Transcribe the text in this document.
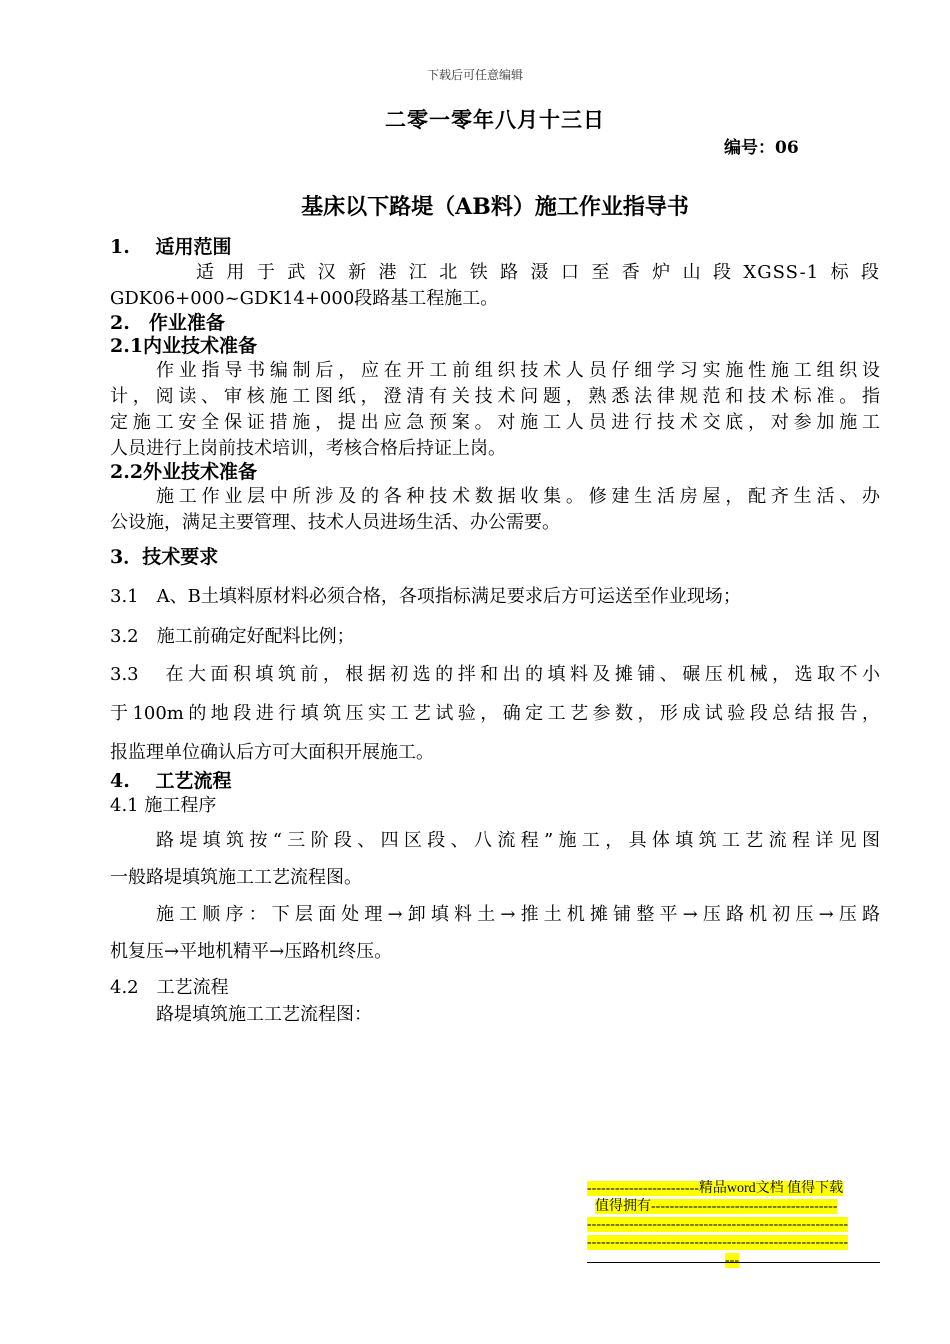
下载后可任意编辑
二零一零年八月十三日
编号：06
基床以下路堤（AB料）施工作业指导书
1.　 适用范围
适用于武汉新港江北铁路滠口至香炉山段XGSS-1标段
GDK06+000~GDK14+000段路基工程施工。
2.　作业准备
2.1内业技术准备
作业指导书编制后，应在开工前组织技术人员仔细学习实施性施工组织设
计，阅读、审核施工图纸，澄清有关技术问题，熟悉法律规范和技术标准。指
定施工安全保证措施，提出应急预案。对施工人员进行技术交底，对参加施工
人员进行上岗前技术培训，考核合格后持证上岗。
2.2外业技术准备
施工作业层中所涉及的各种技术数据收集。修建生活房屋，配齐生活、办
公设施，满足主要管理、技术人员进场生活、办公需要。
3．技术要求
3.1　A、B土填料原材料必须合格，各项指标满足要求后方可运送至作业现场；
3.2　施工前确定好配料比例；
3.3　在大面积填筑前，根据初选的拌和出的填料及摊铺、碾压机械，选取不小
于100m的地段进行填筑压实工艺试验，确定工艺参数，形成试验段总结报告，
报监理单位确认后方可大面积开展施工。
4.　 工艺流程
4.1 施工程序
路堤填筑按“三阶段、四区段、八流程”施工，具体填筑工艺流程详见图
一般路堤填筑施工工艺流程图。
施工顺序：下层面处理→卸填料土→推土机摊铺整平→压路机初压→压路
机复压→平地机精平→压路机终压。
4.2　工艺流程
路堤填筑施工工艺流程图：
------------------------精品word文档 值得下载
值得拥有----------------------------------------
--------------------------------------------------------
--------------------------------------------------------
---
